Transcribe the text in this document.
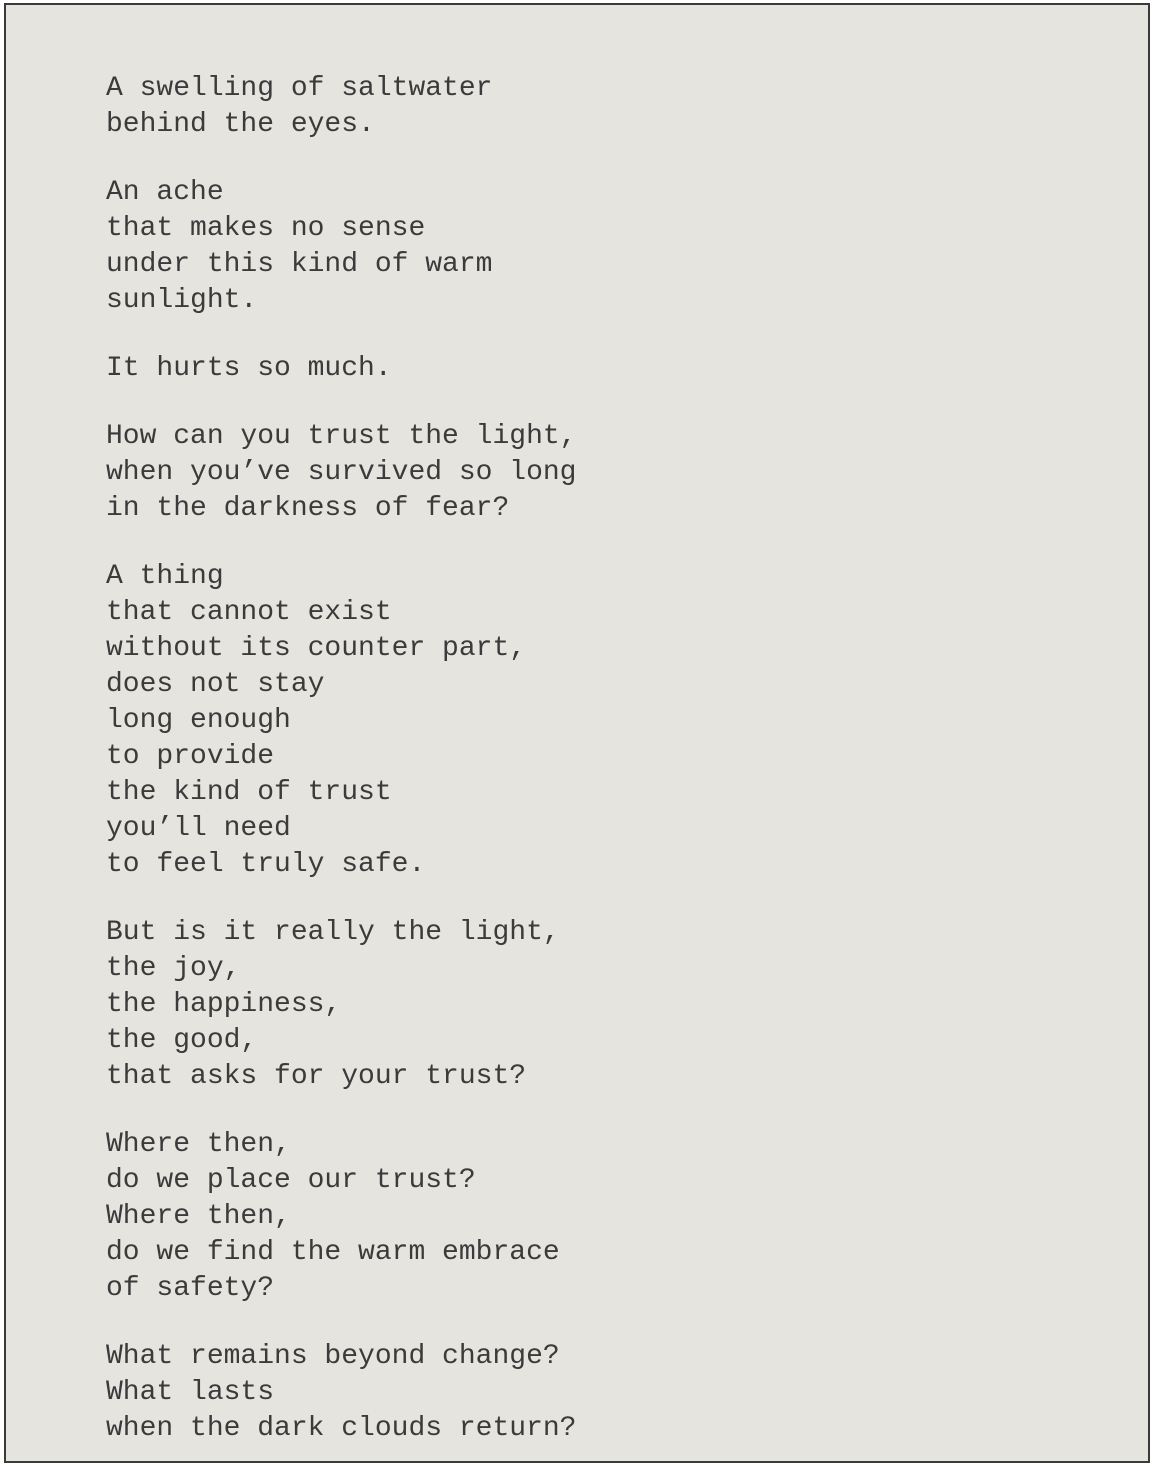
A swelling of saltwater
behind the eyes.
An ache
that makes no sense
under this kind of warm
sunlight.
It hurts so much.
How can you trust the light,
when you’ve survived so long
in the darkness of fear?
A thing
that cannot exist
without its counter part,
does not stay
long enough
to provide
the kind of trust
you’ll need
to feel truly safe.
But is it really the light,
the joy,
the happiness,
the good,
that asks for your trust?
Where then,
do we place our trust?
Where then,
do we find the warm embrace
of safety?
What remains beyond change?
What lasts
when the dark clouds return?
